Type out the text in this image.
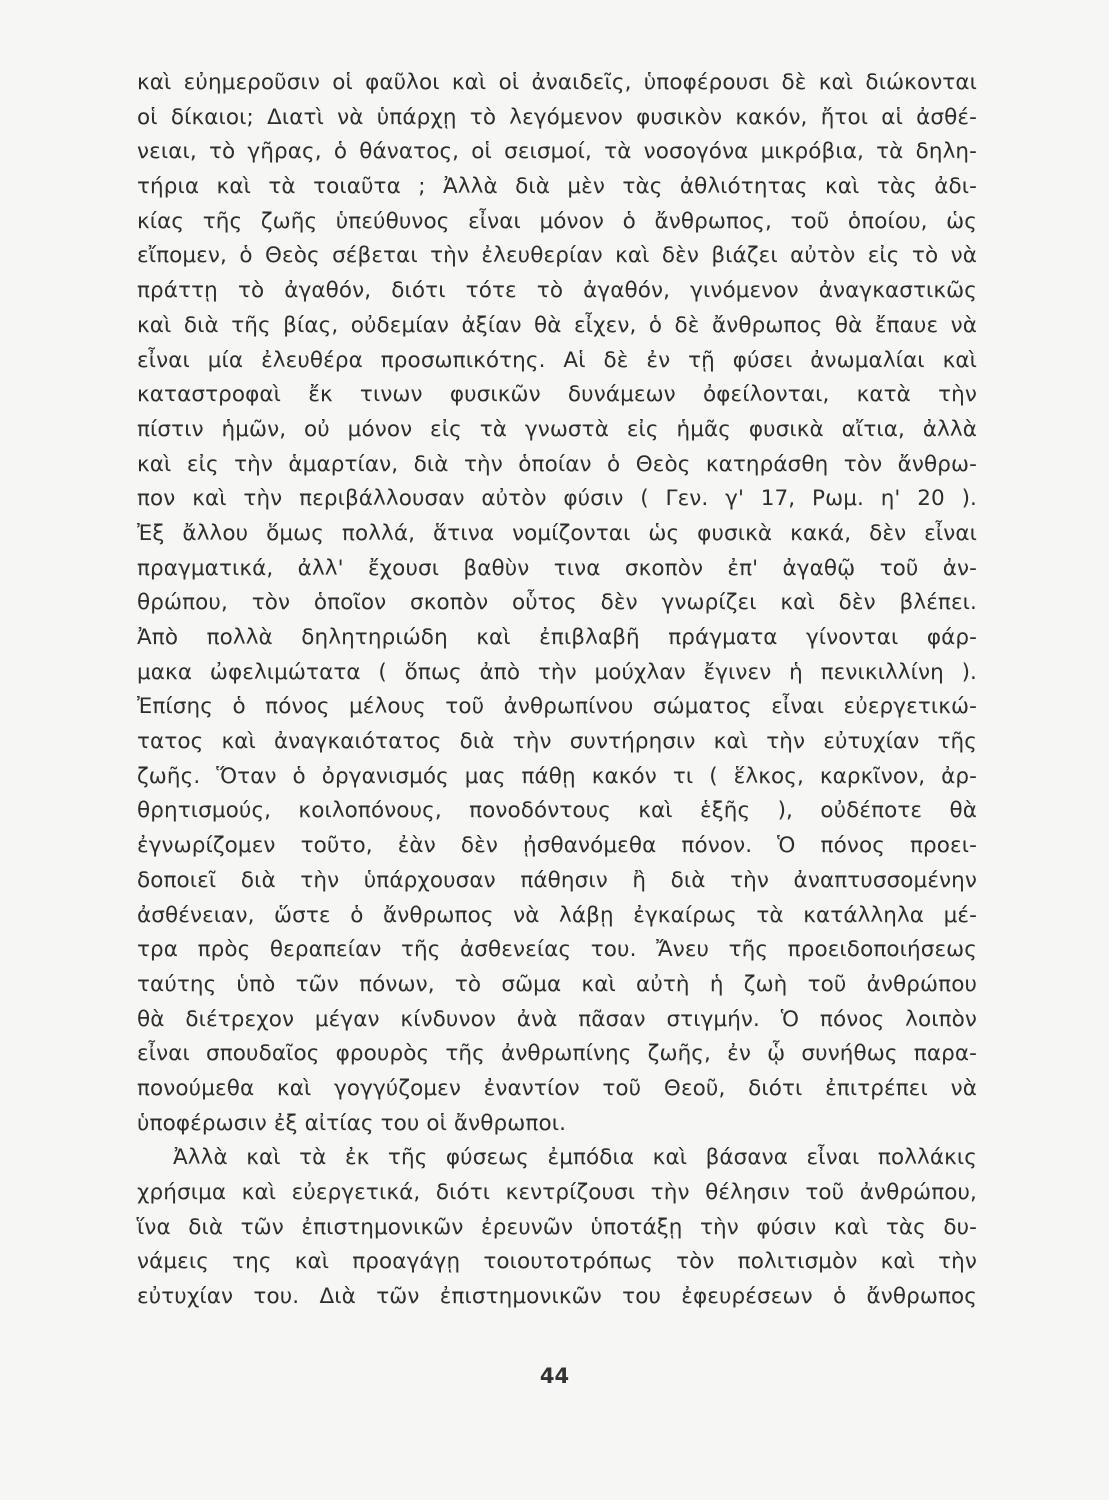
καὶ εὐημεροῦσιν οἱ φαῦλοι καὶ οἱ ἀναιδεῖς, ὑποφέρουσι δὲ καὶ διώκονται
οἱ δίκαιοι; Διατὶ νὰ ὑπάρχῃ τὸ λεγόμενον φυσικὸν κακόν, ἤτοι αἱ ἀσθέ-
νειαι, τὸ γῆρας, ὁ θάνατος, οἱ σεισμοί, τὰ νοσογόνα μικρόβια, τὰ δηλη-
τήρια καὶ τὰ τοιαῦτα ; Ἀλλὰ διὰ μὲν τὰς ἀθλιότητας καὶ τὰς ἀδι-
κίας τῆς ζωῆς ὑπεύθυνος εἶναι μόνον ὁ ἄνθρωπος, τοῦ ὁποίου, ὡς
εἴπομεν, ὁ Θεὸς σέβεται τὴν ἐλευθερίαν καὶ δὲν βιάζει αὐτὸν εἰς τὸ νὰ
πράττῃ τὸ ἀγαθόν, διότι τότε τὸ ἀγαθόν, γινόμενον ἀναγκαστικῶς
καὶ διὰ τῆς βίας, οὐδεμίαν ἀξίαν θὰ εἶχεν, ὁ δὲ ἄνθρωπος θὰ ἔπαυε νὰ
εἶναι μία ἐλευθέρα προσωπικότης. Αἱ δὲ ἐν τῇ φύσει ἀνωμαλίαι καὶ
καταστροφαὶ ἔκ τινων φυσικῶν δυνάμεων ὀφείλονται, κατὰ τὴν
πίστιν ἡμῶν, οὐ μόνον εἰς τὰ γνωστὰ εἰς ἡμᾶς φυσικὰ αἴτια, ἀλλὰ
καὶ εἰς τὴν ἁμαρτίαν, διὰ τὴν ὁποίαν ὁ Θεὸς κατηράσθη τὸν ἄνθρω-
πον καὶ τὴν περιβάλλουσαν αὐτὸν φύσιν ( Γεν. γ' 17, Ρωμ. η' 20 ).
Ἐξ ἄλλου ὅμως πολλά, ἅτινα νομίζονται ὡς φυσικὰ κακά, δὲν εἶναι
πραγματικά, ἀλλ' ἔχουσι βαθὺν τινα σκοπὸν ἐπ' ἀγαθῷ τοῦ ἀν-
θρώπου, τὸν ὁποῖον σκοπὸν οὗτος δὲν γνωρίζει καὶ δὲν βλέπει.
Ἀπὸ πολλὰ δηλητηριώδη καὶ ἐπιβλαβῆ πράγματα γίνονται φάρ-
μακα ὠφελιμώτατα ( ὅπως ἀπὸ τὴν μούχλαν ἔγινεν ἡ πενικιλλίνη ).
Ἐπίσης ὁ πόνος μέλους τοῦ ἀνθρωπίνου σώματος εἶναι εὐεργετικώ-
τατος καὶ ἀναγκαιότατος διὰ τὴν συντήρησιν καὶ τὴν εὐτυχίαν τῆς
ζωῆς. Ὅταν ὁ ὀργανισμός μας πάθῃ κακόν τι ( ἕλκος, καρκῖνον, ἀρ-
θρητισμούς, κοιλοπόνους, πονοδόντους καὶ ἑξῆς ), οὐδέποτε θὰ
ἐγνωρίζομεν τοῦτο, ἐὰν δὲν ᾐσθανόμεθα πόνον. Ὁ πόνος προει-
δοποιεῖ διὰ τὴν ὑπάρχουσαν πάθησιν ἢ διὰ τὴν ἀναπτυσσομένην
ἀσθένειαν, ὥστε ὁ ἄνθρωπος νὰ λάβῃ ἐγκαίρως τὰ κατάλληλα μέ-
τρα πρὸς θεραπείαν τῆς ἀσθενείας του. Ἄνευ τῆς προειδοποιήσεως
ταύτης ὑπὸ τῶν πόνων, τὸ σῶμα καὶ αὐτὴ ἡ ζωὴ τοῦ ἀνθρώπου
θὰ διέτρεχον μέγαν κίνδυνον ἀνὰ πᾶσαν στιγμήν. Ὁ πόνος λοιπὸν
εἶναι σπουδαῖος φρουρὸς τῆς ἀνθρωπίνης ζωῆς, ἐν ᾧ συνήθως παρα-
πονούμεθα καὶ γογγύζομεν ἐναντίον τοῦ Θεοῦ, διότι ἐπιτρέπει νὰ
ὑποφέρωσιν ἐξ αἰτίας του οἱ ἄνθρωποι.
Ἀλλὰ καὶ τὰ ἐκ τῆς φύσεως ἐμπόδια καὶ βάσανα εἶναι πολλάκις
χρήσιμα καὶ εὐεργετικά, διότι κεντρίζουσι τὴν θέλησιν τοῦ ἀνθρώπου,
ἵνα διὰ τῶν ἐπιστημονικῶν ἐρευνῶν ὑποτάξῃ τὴν φύσιν καὶ τὰς δυ-
νάμεις της καὶ προαγάγῃ τοιουτοτρόπως τὸν πολιτισμὸν καὶ τὴν
εὐτυχίαν του. Διὰ τῶν ἐπιστημονικῶν του ἐφευρέσεων ὁ ἄνθρωπος
44
